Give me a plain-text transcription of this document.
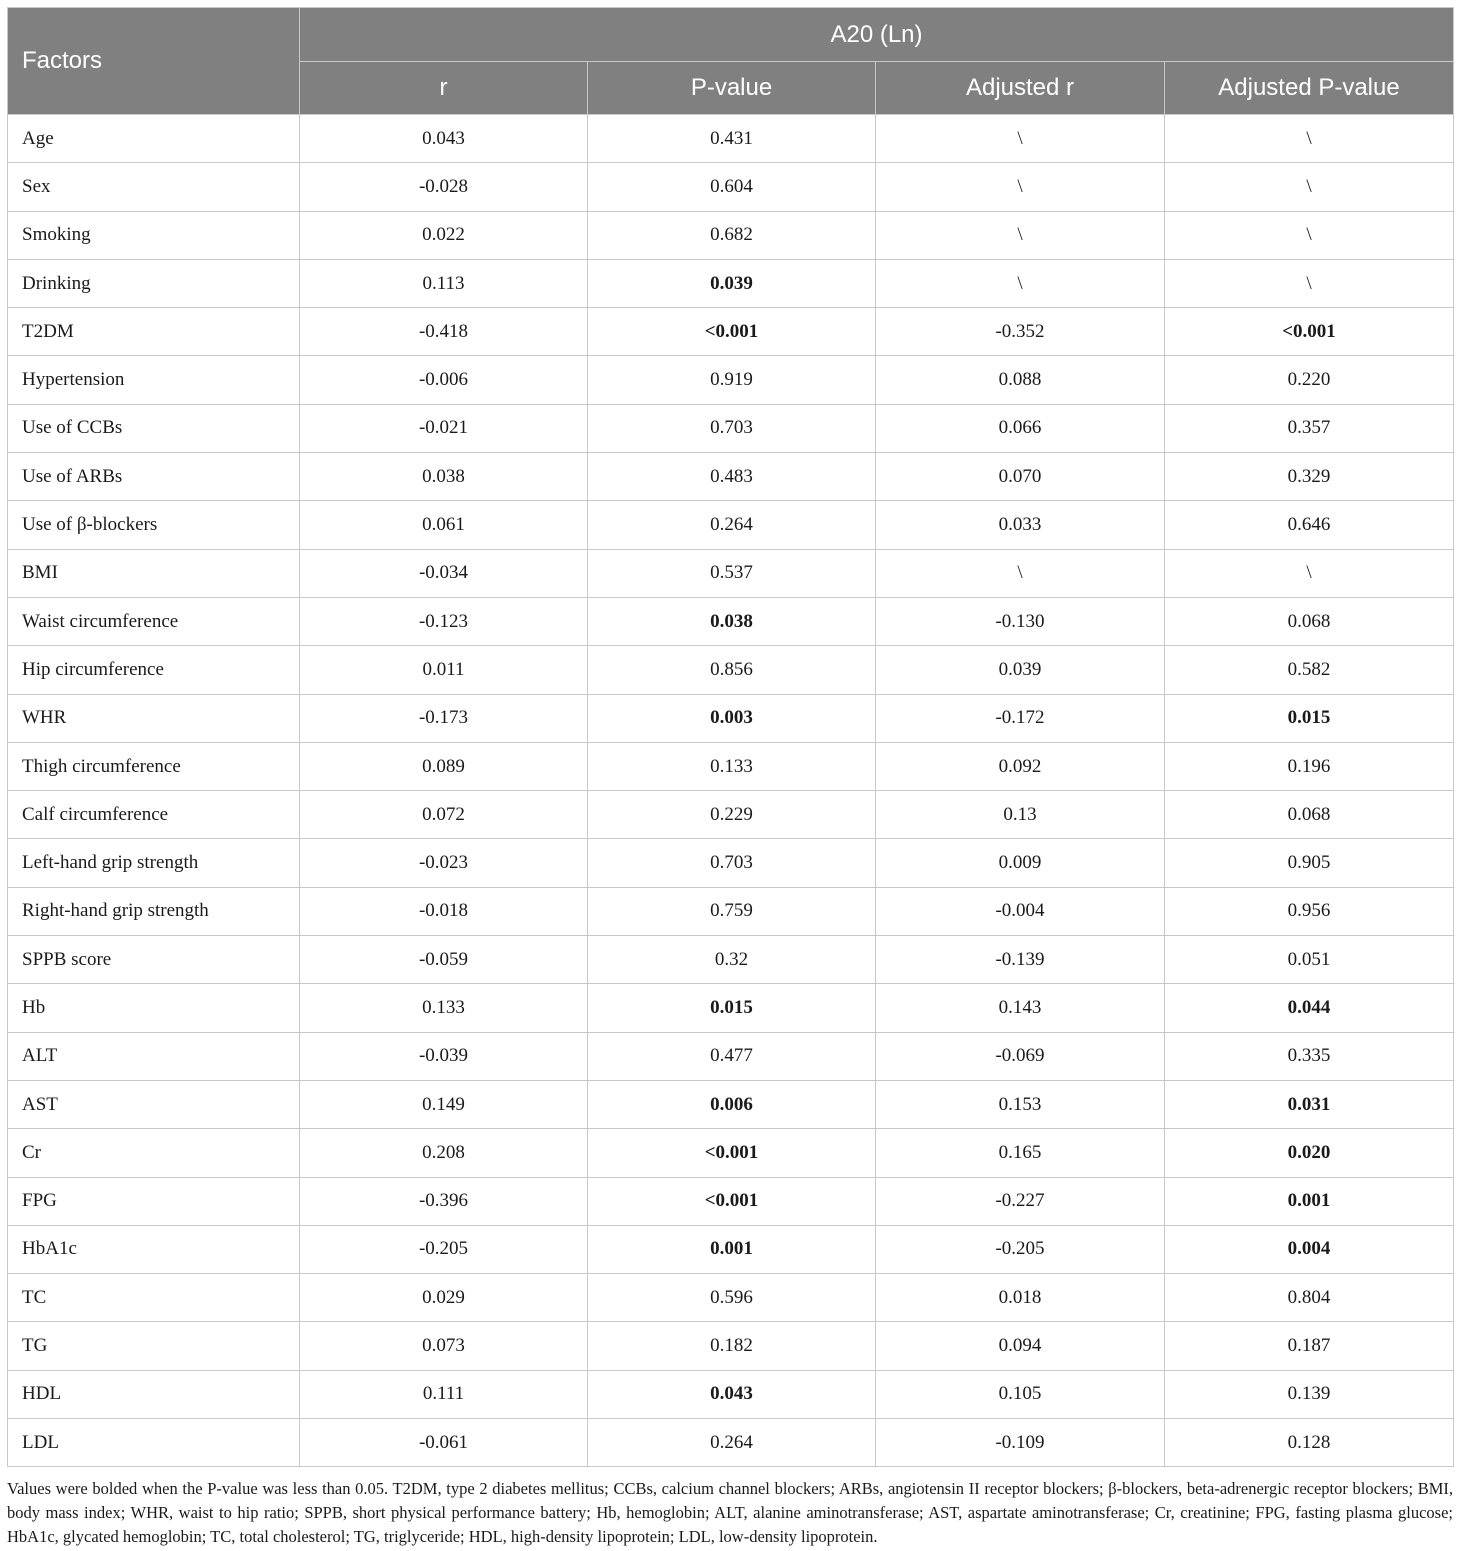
Factors	A20 (Ln)			
	r	P-value	Adjusted r	Adjusted P-value
Age	0.043	0.431	\	\
Sex	-0.028	0.604	\	\
Smoking	0.022	0.682	\	\
Drinking	0.113	0.039	\	\
T2DM	-0.418	<0.001	-0.352	<0.001
Hypertension	-0.006	0.919	0.088	0.220
Use of CCBs	-0.021	0.703	0.066	0.357
Use of ARBs	0.038	0.483	0.070	0.329
Use of β-blockers	0.061	0.264	0.033	0.646
BMI	-0.034	0.537	\	\
Waist circumference	-0.123	0.038	-0.130	0.068
Hip circumference	0.011	0.856	0.039	0.582
WHR	-0.173	0.003	-0.172	0.015
Thigh circumference	0.089	0.133	0.092	0.196
Calf circumference	0.072	0.229	0.13	0.068
Left-hand grip strength	-0.023	0.703	0.009	0.905
Right-hand grip strength	-0.018	0.759	-0.004	0.956
SPPB score	-0.059	0.32	-0.139	0.051
Hb	0.133	0.015	0.143	0.044
ALT	-0.039	0.477	-0.069	0.335
AST	0.149	0.006	0.153	0.031
Cr	0.208	<0.001	0.165	0.020
FPG	-0.396	<0.001	-0.227	0.001
HbA1c	-0.205	0.001	-0.205	0.004
TC	0.029	0.596	0.018	0.804
TG	0.073	0.182	0.094	0.187
HDL	0.111	0.043	0.105	0.139
LDL	-0.061	0.264	-0.109	0.128
Values were bolded when the P-value was less than 0.05. T2DM, type 2 diabetes mellitus; CCBs, calcium channel blockers; ARBs, angiotensin II receptor blockers; β-blockers, beta-adrenergic receptor blockers; BMI, body mass index; WHR, waist to hip ratio; SPPB, short physical performance battery; Hb, hemoglobin; ALT, alanine aminotransferase; AST, aspartate aminotransferase; Cr, creatinine; FPG, fasting plasma glucose; HbA1c, glycated hemoglobin; TC, total cholesterol; TG, triglyceride; HDL, high-density lipoprotein; LDL, low-density lipoprotein.
